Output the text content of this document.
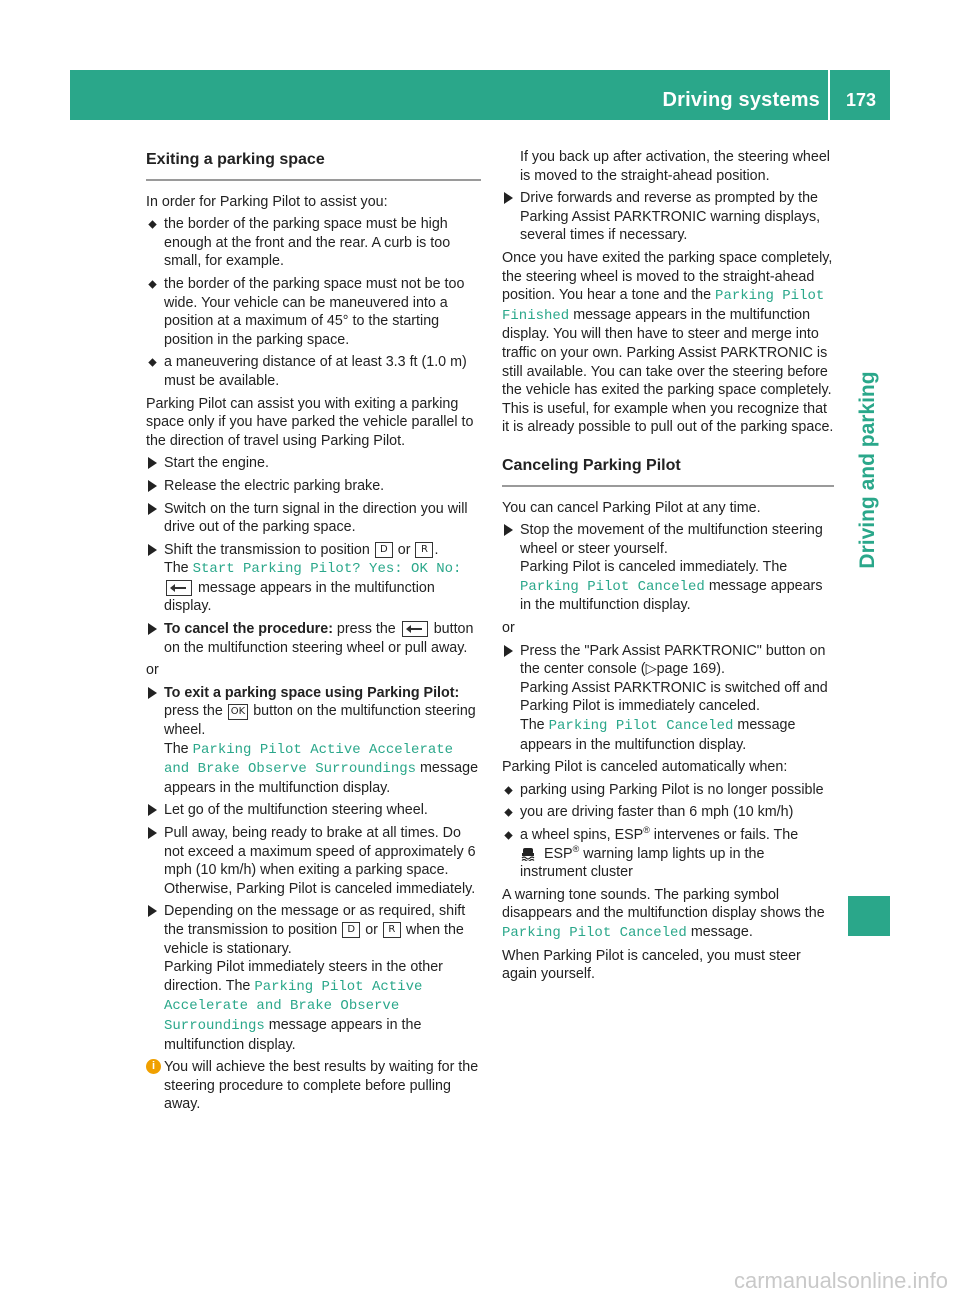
Driving systems	173
Driving and parking
Exiting a parking space

In order for Parking Pilot to assist you:

the border of the parking space must be high enough at the front and the rear. A curb is too small, for example.
the border of the parking space must not be too wide. Your vehicle can be maneuvered into a position at a maximum of 45° to the starting position in the parking space.
a maneuvering distance of at least 3.3 ft (1.0 m) must be available.

Parking Pilot can assist you with exiting a parking space only if you have parked the vehicle parallel to the direction of travel using Parking Pilot.

Start the engine.
Release the electric parking brake.
Switch on the turn signal in the direction you will drive out of the parking space.
Shift the transmission to position D or R .
The Start Parking Pilot? Yes: OK No:
message appears in the multifunction display.
To cancel the procedure: press the  button on the multifunction steering wheel or pull away.

or

To exit a parking space using Parking Pilot: press the OK button on the multifunction steering wheel.
The Parking Pilot Active Accelerate and Brake Observe Surroundings message appears in the multifunction display.
Let go of the multifunction steering wheel.
Pull away, being ready to brake at all times. Do not exceed a maximum speed of approximately 6 mph (10 km/h) when exiting a parking space. Otherwise, Parking Pilot is canceled immediately.
Depending on the message or as required, shift the transmission to position D or R when the vehicle is stationary.
Parking Pilot immediately steers in the other direction. The Parking Pilot Active Accelerate and Brake Observe Surroundings message appears in the multifunction display.
i You will achieve the best results by waiting for the steering procedure to complete before pulling away.

If you back up after activation, the steering wheel is moved to the straight-ahead position.

Drive forwards and reverse as prompted by the Parking Assist PARKTRONIC warning displays, several times if necessary.

Once you have exited the parking space completely, the steering wheel is moved to the straight-ahead position. You hear a tone and the Parking Pilot Finished message appears in the multifunction display. You will then have to steer and merge into traffic on your own. Parking Assist PARKTRONIC is still available. You can take over the steering before the vehicle has exited the parking space completely. This is useful, for example when you recognize that it is already possible to pull out of the parking space.

Canceling Parking Pilot

You can cancel Parking Pilot at any time.

Stop the movement of the multifunction steering wheel or steer yourself.
Parking Pilot is canceled immediately. The Parking Pilot Canceled message appears in the multifunction display.

or

Press the "Park Assist PARKTRONIC" button on the center console (▷page 169).
Parking Assist PARKTRONIC is switched off and Parking Pilot is immediately canceled.
The Parking Pilot Canceled message appears in the multifunction display.

Parking Pilot is canceled automatically when:

parking using Parking Pilot is no longer possible
you are driving faster than 6 mph (10 km/h)
a wheel spins, ESP® intervenes or fails. The
ESP® warning lamp lights up in the instrument cluster

A warning tone sounds. The parking symbol disappears and the multifunction display shows the Parking Pilot Canceled message.

When Parking Pilot is canceled, you must steer again yourself.

carmanualsonline.info
